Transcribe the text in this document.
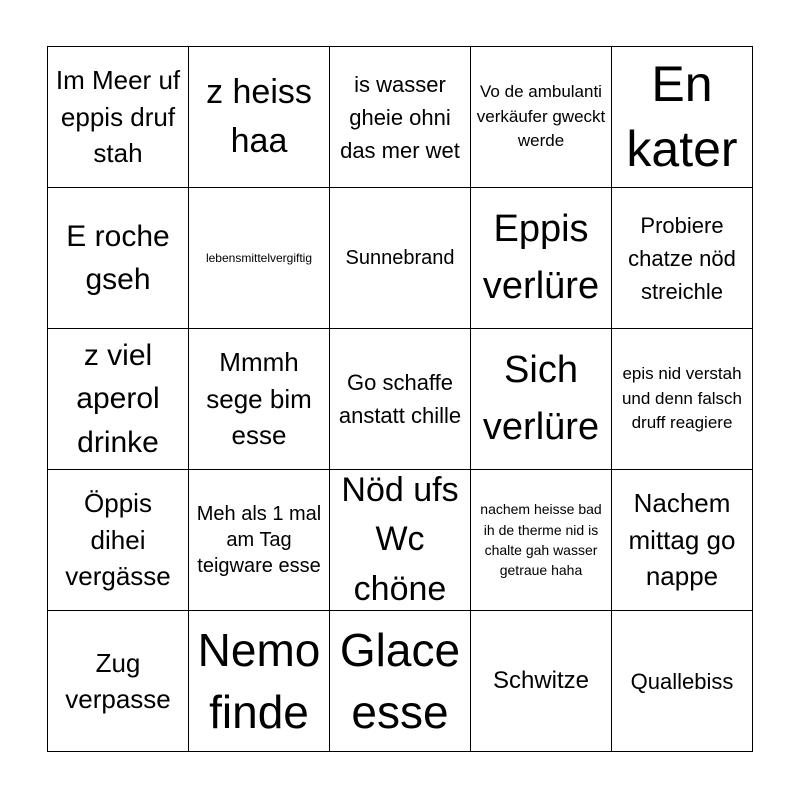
Im Meer uf eppis druf stah
z heiss haa
is wasser gheie ohni das mer wet
Vo de ambulanti verkäufer gweckt werde
En kater
E roche gseh
lebensmittelvergiftig	Sunnebrand
Eppis verlüre
Probiere chatze nöd streichle
z viel aperol drinke
Mmmh sege bim esse
Go schaffe anstatt chille
Sich verlüre
epis nid verstah und denn falsch druff reagiere
Öppis dihei vergässe
Meh als 1 mal am Tag teigware esse
Nöd ufs Wc chöne
nachem heisse bad ih de therme nid is chalte gah wasser getraue haha
Nachem mittag go nappe
Zug verpasse
Nemo finde
Glace esse
Schwitze	Quallebiss
